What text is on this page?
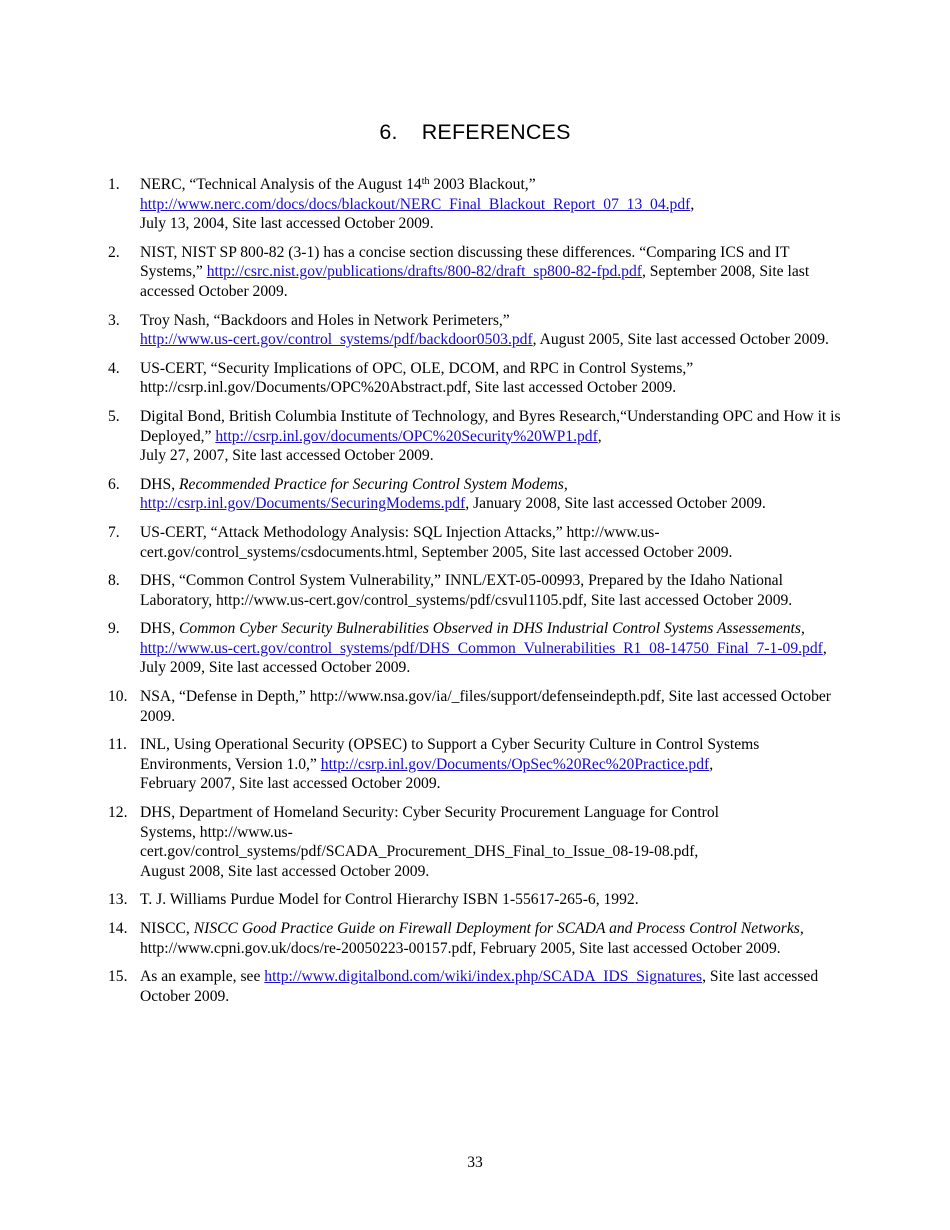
6. REFERENCES
1.	NERC, “Technical Analysis of the August 14th 2003 Blackout,”
http://www.nerc.com/docs/docs/blackout/NERC_Final_Blackout_Report_07_13_04.pdf,
July 13, 2004, Site last accessed October 2009.
2.	NIST, NIST SP 800-82 (3-1) has a concise section discussing these differences. “Comparing ICS and IT Systems,” http://csrc.nist.gov/publications/drafts/800-82/draft_sp800-82-fpd.pdf, September 2008, Site last accessed October 2009.
3.	Troy Nash, “Backdoors and Holes in Network Perimeters,”
http://www.us-cert.gov/control_systems/pdf/backdoor0503.pdf, August 2005, Site last accessed October 2009.
4.	US-CERT, “Security Implications of OPC, OLE, DCOM, and RPC in Control Systems,”
http://csrp.inl.gov/Documents/OPC%20Abstract.pdf, Site last accessed October 2009.
5.	Digital Bond, British Columbia Institute of Technology, and Byres Research,“Understanding OPC and How it is Deployed,” http://csrp.inl.gov/documents/OPC%20Security%20WP1.pdf,
July 27, 2007, Site last accessed October 2009.
6.	DHS, Recommended Practice for Securing Control System Modems,
http://csrp.inl.gov/Documents/SecuringModems.pdf, January 2008, Site last accessed October 2009.
7.	US-CERT, “Attack Methodology Analysis: SQL Injection Attacks,” http://www.us-
cert.gov/control_systems/csdocuments.html, September 2005, Site last accessed October 2009.
8.	DHS, “Common Control System Vulnerability,” INNL/EXT-05-00993, Prepared by the Idaho National Laboratory, http://www.us-cert.gov/control_systems/pdf/csvul1105.pdf, Site last accessed October 2009.
9.	DHS, Common Cyber Security Bulnerabilities Observed in DHS Industrial Control Systems Assessements, http://www.us-cert.gov/control_systems/pdf/DHS_Common_Vulnerabilities_R1_08-14750_Final_7-1-09.pdf, July 2009, Site last accessed October 2009.
10. NSA, “Defense in Depth,” http://www.nsa.gov/ia/_files/support/defenseindepth.pdf, Site last accessed October 2009.
11. INL, Using Operational Security (OPSEC) to Support a Cyber Security Culture in Control Systems Environments, Version 1.0,” http://csrp.inl.gov/Documents/OpSec%20Rec%20Practice.pdf,
February 2007, Site last accessed October 2009.
12. DHS, Department of Homeland Security: Cyber Security Procurement Language for Control
Systems, http://www.us-
cert.gov/control_systems/pdf/SCADA_Procurement_DHS_Final_to_Issue_08-19-08.pdf,
August 2008, Site last accessed October 2009.
13. T. J. Williams Purdue Model for Control Hierarchy ISBN 1-55617-265-6, 1992.
14. NISCC, NISCC Good Practice Guide on Firewall Deployment for SCADA and Process Control Networks, http://www.cpni.gov.uk/docs/re-20050223-00157.pdf, February 2005, Site last accessed October 2009.
15. As an example, see http://www.digitalbond.com/wiki/index.php/SCADA_IDS_Signatures, Site last accessed October 2009.
33
